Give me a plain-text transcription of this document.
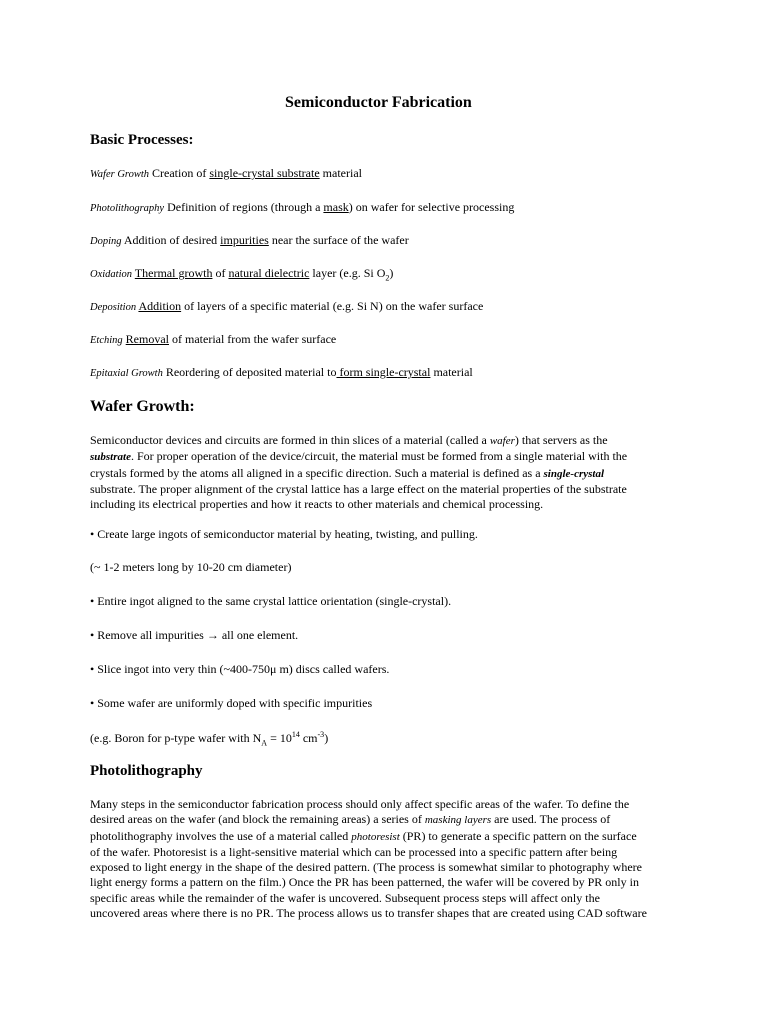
Semiconductor Fabrication
Basic Processes:
Wafer Growth Creation of single-crystal substrate material
Photolithography Definition of regions (through a mask) on wafer for selective processing
Doping Addition of desired impurities near the surface of the wafer
Oxidation Thermal growth of natural dielectric layer (e.g. Si $O_2$)
Deposition Addition of layers of a specific material (e.g. Si N) on the wafer surface
Etching Removal of material from the wafer surface
Epitaxial Growth Reordering of deposited material to form single-crystal material
Wafer Growth:
Semiconductor devices and circuits are formed in thin slices of a material (called a wafer) that servers as the
substrate. For proper operation of the device/circuit, the material must be formed from a single material with the
crystals formed by the atoms all aligned in a specific direction. Such a material is defined as a single-crystal
substrate. The proper alignment of the crystal lattice has a large effect on the material properties of the substrate
including its electrical properties and how it reacts to other materials and chemical processing.
• Create large ingots of semiconductor material by heating, twisting, and pulling.
(~ 1-2 meters long by 10-20 cm diameter)
• Entire ingot aligned to the same crystal lattice orientation (single-crystal).
• Remove all impurities → all one element.
• Slice ingot into very thin (~400-750μ m) discs called wafers.
• Some wafer are uniformly doped with specific impurities
(e.g. Boron for p-type wafer with $N_A = 10^{14}$ $cm^{-3}$)
Photolithography
Many steps in the semiconductor fabrication process should only affect specific areas of the wafer. To define the
desired areas on the wafer (and block the remaining areas) a series of masking layers are used. The process of
photolithography involves the use of a material called photoresist (PR) to generate a specific pattern on the surface
of the wafer. Photoresist is a light-sensitive material which can be processed into a specific pattern after being
exposed to light energy in the shape of the desired pattern. (The process is somewhat similar to photography where
light energy forms a pattern on the film.) Once the PR has been patterned, the wafer will be covered by PR only in
specific areas while the remainder of the wafer is uncovered. Subsequent process steps will affect only the
uncovered areas where there is no PR. The process allows us to transfer shapes that are created using CAD software
